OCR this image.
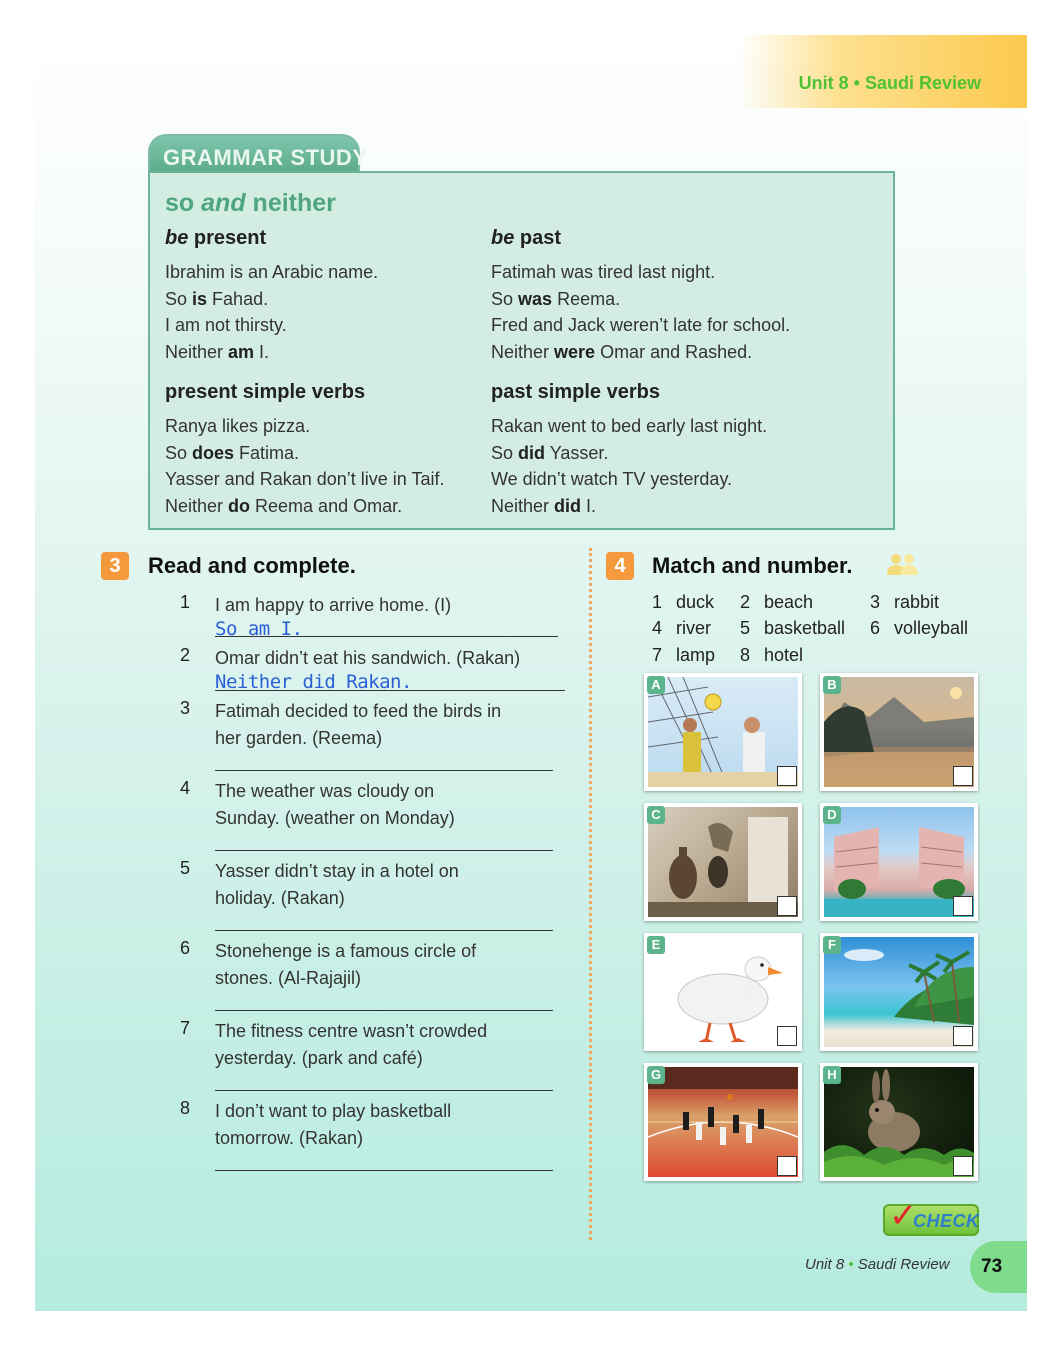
Unit 8 • Saudi Review
GRAMMAR STUDY
so and neither
be present
Ibrahim is an Arabic name.
So is Fahad.
I am not thirsty.
Neither am I.
be past
Fatimah was tired last night.
So was Reema.
Fred and Jack weren’t late for school.
Neither were Omar and Rashed.
present simple verbs
Ranya likes pizza.
So does Fatima.
Yasser and Rakan don’t live in Taif.
Neither do Reema and Omar.
past simple verbs
Rakan went to bed early last night.
So did Yasser.
We didn’t watch TV yesterday.
Neither did I.
3	Read and complete.
1 I am happy to arrive home. (I)
So am I.
2 Omar didn’t eat his sandwich. (Rakan)
Neither did Rakan.
3 Fatimah decided to feed the birds in
her garden. (Reema)
4 The weather was cloudy on
Sunday. (weather on Monday)
5 Yasser didn’t stay in a hotel on
holiday. (Rakan)
6 Stonehenge is a famous circle of
stones. (Al-Rajajil)
7 The fitness centre wasn’t crowded
yesterday. (park and café)
8 I don’t want to play basketball
tomorrow. (Rakan)
4	Match and number.
1 duck 2 beach	3 rabbit
4 river 5 basketball 6 volleyball
7 lamp 8 hotel
A	B
C	D
E	F
G	H
✓
CHECK
Unit 8 • Saudi Review 73
